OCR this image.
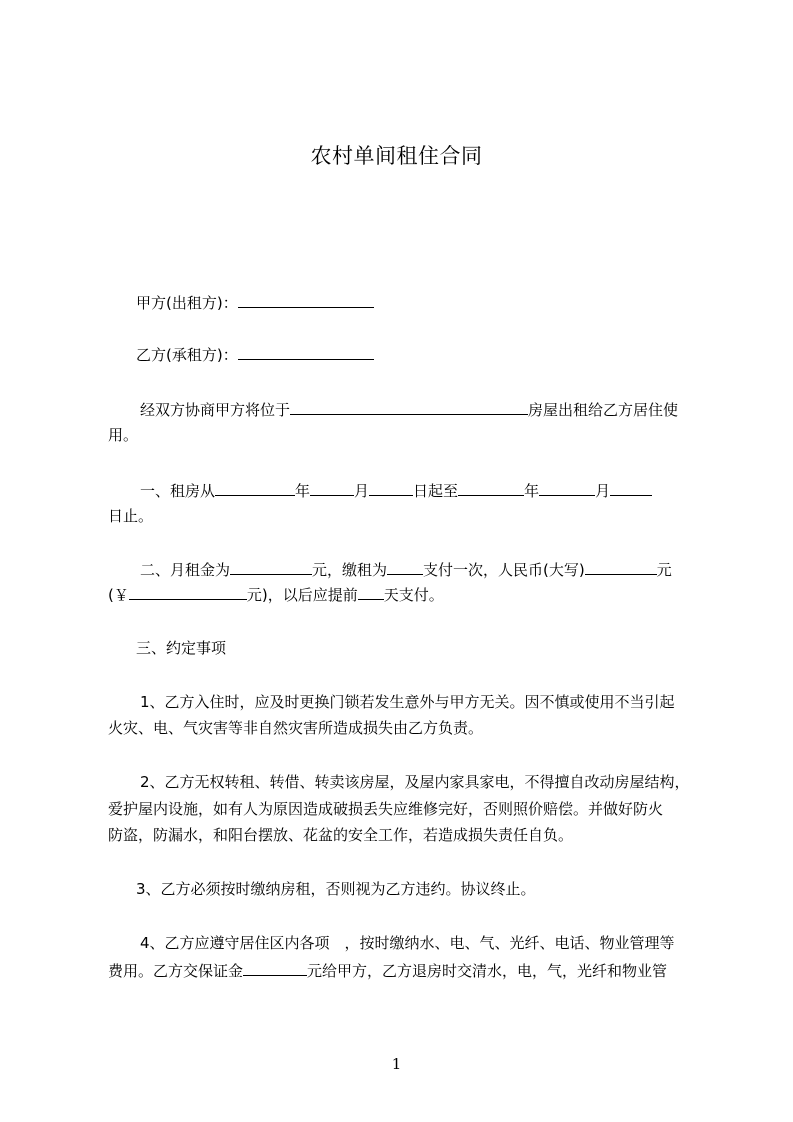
农村单间租住合同
甲方(出租方)：
乙方(承租方)：
经双方协商甲方将位于	房屋出租给乙方居住使
用。
一、租房从	年	月	日起至	年	月
日止。
二、月租金为	元，缴租为 支付一次，人民币(大写)	元
(￥	元)，以后应提前 天支付。
三、约定事项
1、乙方入住时，应及时更换门锁若发生意外与甲方无关。因不慎或使用不当引起
火灾、电、气灾害等非自然灾害所造成损失由乙方负责。
2、乙方无权转租、转借、转卖该房屋，及屋内家具家电，不得擅自改动房屋结构，
爱护屋内设施，如有人为原因造成破损丢失应维修完好，否则照价赔偿。并做好防火
防盗，防漏水，和阳台摆放、花盆的安全工作，若造成损失责任自负。
3、乙方必须按时缴纳房租，否则视为乙方违约。协议终止。
4、乙方应遵守居住区内各项　，按时缴纳水、电、气、光纤、电话、物业管理等
费用。乙方交保证金	元给甲方，乙方退房时交清水，电，气，光纤和物业管
1
